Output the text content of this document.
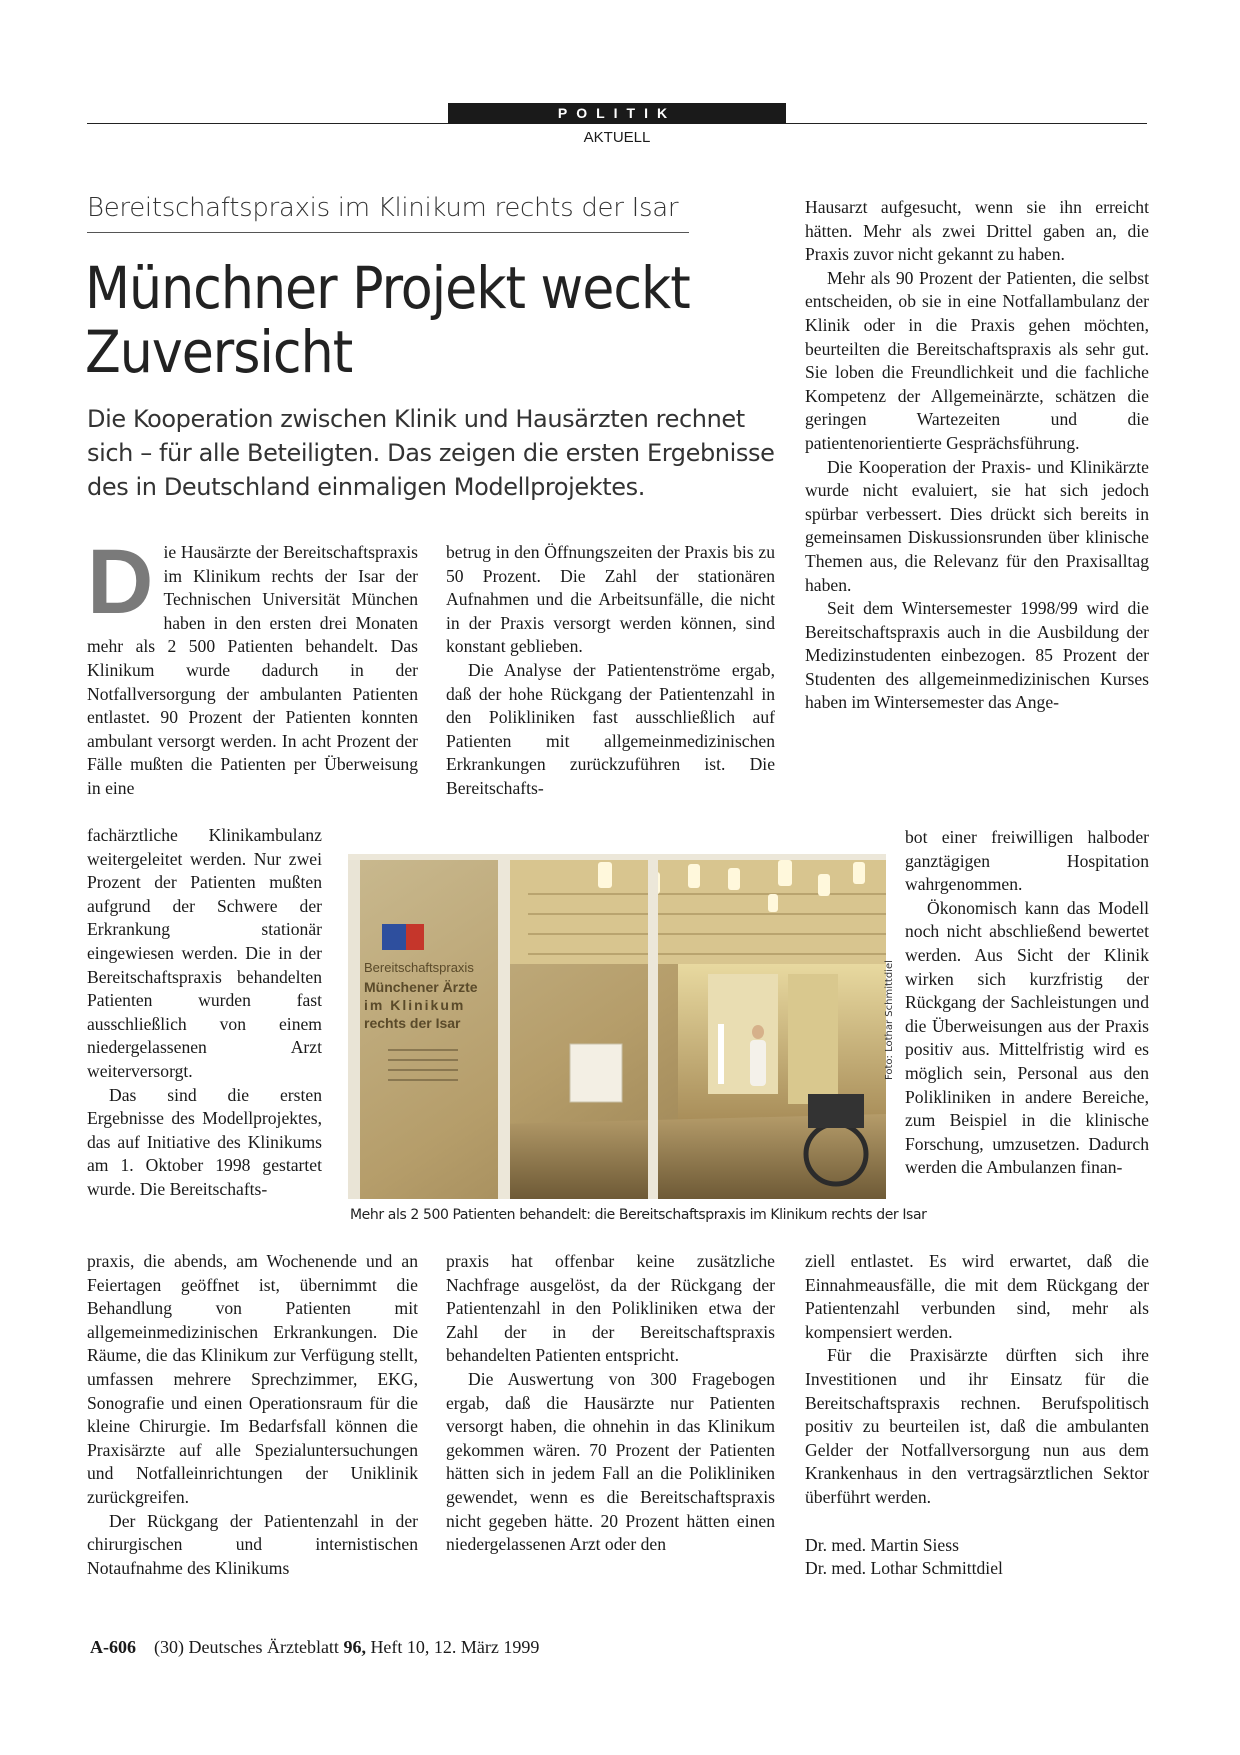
POLITIK
AKTUELL
Bereitschaftspraxis im Klinikum rechts der Isar
Münchner Projekt weckt Zuversicht
Die Kooperation zwischen Klinik und Hausärzten rechnet sich – für alle Beteiligten. Das zeigen die ersten Ergebnisse des in Deutschland einmaligen Modellprojektes.

Die Hausärzte der Bereitschaftspraxis im Klinikum rechts der Isar der Technischen Universität München haben in den ersten drei Monaten mehr als 2 500 Patienten behandelt. Das Klinikum wurde dadurch in der Notfallversorgung der ambulanten Patienten entlastet. 90 Prozent der Patienten konnten ambulant versorgt werden. In acht Prozent der Fälle mußten die Patienten per Überweisung in eine

fachärztliche Klinikambulanz weitergeleitet werden. Nur zwei Prozent der Patienten mußten aufgrund der Schwere der Erkrankung stationär eingewiesen werden. Die in der Bereitschaftspraxis behandelten Patienten wurden fast ausschließlich von einem niedergelassenen Arzt weiterversorgt.

Das sind die ersten Ergebnisse des Modellprojektes, das auf Initiative des Klinikums am 1. Oktober 1998 gestartet wurde. Die Bereitschafts-

praxis, die abends, am Wochenende und an Feiertagen geöffnet ist, übernimmt die Behandlung von Patienten mit allgemeinmedizinischen Erkrankungen. Die Räume, die das Klinikum zur Verfügung stellt, umfassen mehrere Sprechzimmer, EKG, Sonografie und einen Operationsraum für die kleine Chirurgie. Im Bedarfsfall können die Praxisärzte auf alle Spezialuntersuchungen und Notfalleinrichtungen der Uniklinik zurückgreifen.

Der Rückgang der Patientenzahl in der chirurgischen und internistischen Notaufnahme des Klinikums

betrug in den Öffnungszeiten der Praxis bis zu 50 Prozent. Die Zahl der stationären Aufnahmen und die Arbeitsunfälle, die nicht in der Praxis versorgt werden können, sind konstant geblieben.

Die Analyse der Patientenströme ergab, daß der hohe Rückgang der Patientenzahl in den Polikliniken fast ausschließlich auf Patienten mit allgemeinmedizinischen Erkrankungen zurückzuführen ist. Die Bereitschafts-

praxis hat offenbar keine zusätzliche Nachfrage ausgelöst, da der Rückgang der Patientenzahl in den Polikliniken etwa der Zahl der in der Bereitschaftspraxis behandelten Patienten entspricht.

Die Auswertung von 300 Fragebogen ergab, daß die Hausärzte nur Patienten versorgt haben, die ohnehin in das Klinikum gekommen wären. 70 Prozent der Patienten hätten sich in jedem Fall an die Polikliniken gewendet, wenn es die Bereitschaftspraxis nicht gegeben hätte. 20 Prozent hätten einen niedergelassenen Arzt oder den

Hausarzt aufgesucht, wenn sie ihn erreicht hätten. Mehr als zwei Drittel gaben an, die Praxis zuvor nicht gekannt zu haben.

Mehr als 90 Prozent der Patienten, die selbst entscheiden, ob sie in eine Notfallambulanz der Klinik oder in die Praxis gehen möchten, beurteilten die Bereitschaftspraxis als sehr gut. Sie loben die Freundlichkeit und die fachliche Kompetenz der Allgemeinärzte, schätzen die geringen Wartezeiten und die patientenorientierte Gesprächsführung.

Die Kooperation der Praxis- und Klinikärzte wurde nicht evaluiert, sie hat sich jedoch spürbar verbessert. Dies drückt sich bereits in gemeinsamen Diskussionsrunden über klinische Themen aus, die Relevanz für den Praxisalltag haben.

Seit dem Wintersemester 1998/99 wird die Bereitschaftspraxis auch in die Ausbildung der Medizinstudenten einbezogen. 85 Prozent der Studenten des allgemeinmedizinischen Kurses haben im Wintersemester das Ange-

bot einer freiwilligen halboder ganztägigen Hospitation wahrgenommen.

Ökonomisch kann das Modell noch nicht abschließend bewertet werden. Aus Sicht der Klinik wirken sich kurzfristig der Rückgang der Sachleistungen und die Überweisungen aus der Praxis positiv aus. Mittelfristig wird es möglich sein, Personal aus den Polikliniken in andere Bereiche, zum Beispiel in die klinische Forschung, umzusetzen. Dadurch werden die Ambulanzen finan-

ziell entlastet. Es wird erwartet, daß die Einnahmeausfälle, die mit dem Rückgang der Patientenzahl verbunden sind, mehr als kompensiert werden.

Für die Praxisärzte dürften sich ihre Investitionen und ihr Einsatz für die Bereitschaftspraxis rechnen. Berufspolitisch positiv zu beurteilen ist, daß die ambulanten Gelder der Notfallversorgung nun aus dem Krankenhaus in den vertragsärztlichen Sektor überführt werden.

Dr. med. Martin Siess

Dr. med. Lothar Schmittdiel

Bereitschaftspraxis
Münchener Ärzte
im Klinikum
rechts der Isar
Mehr als 2 500 Patienten behandelt: die Bereitschaftspraxis im Klinikum rechts der Isar
Foto: Lothar Schmittdiel
A-606 (30) Deutsches Ärzteblatt 96, Heft 10, 12. März 1999
